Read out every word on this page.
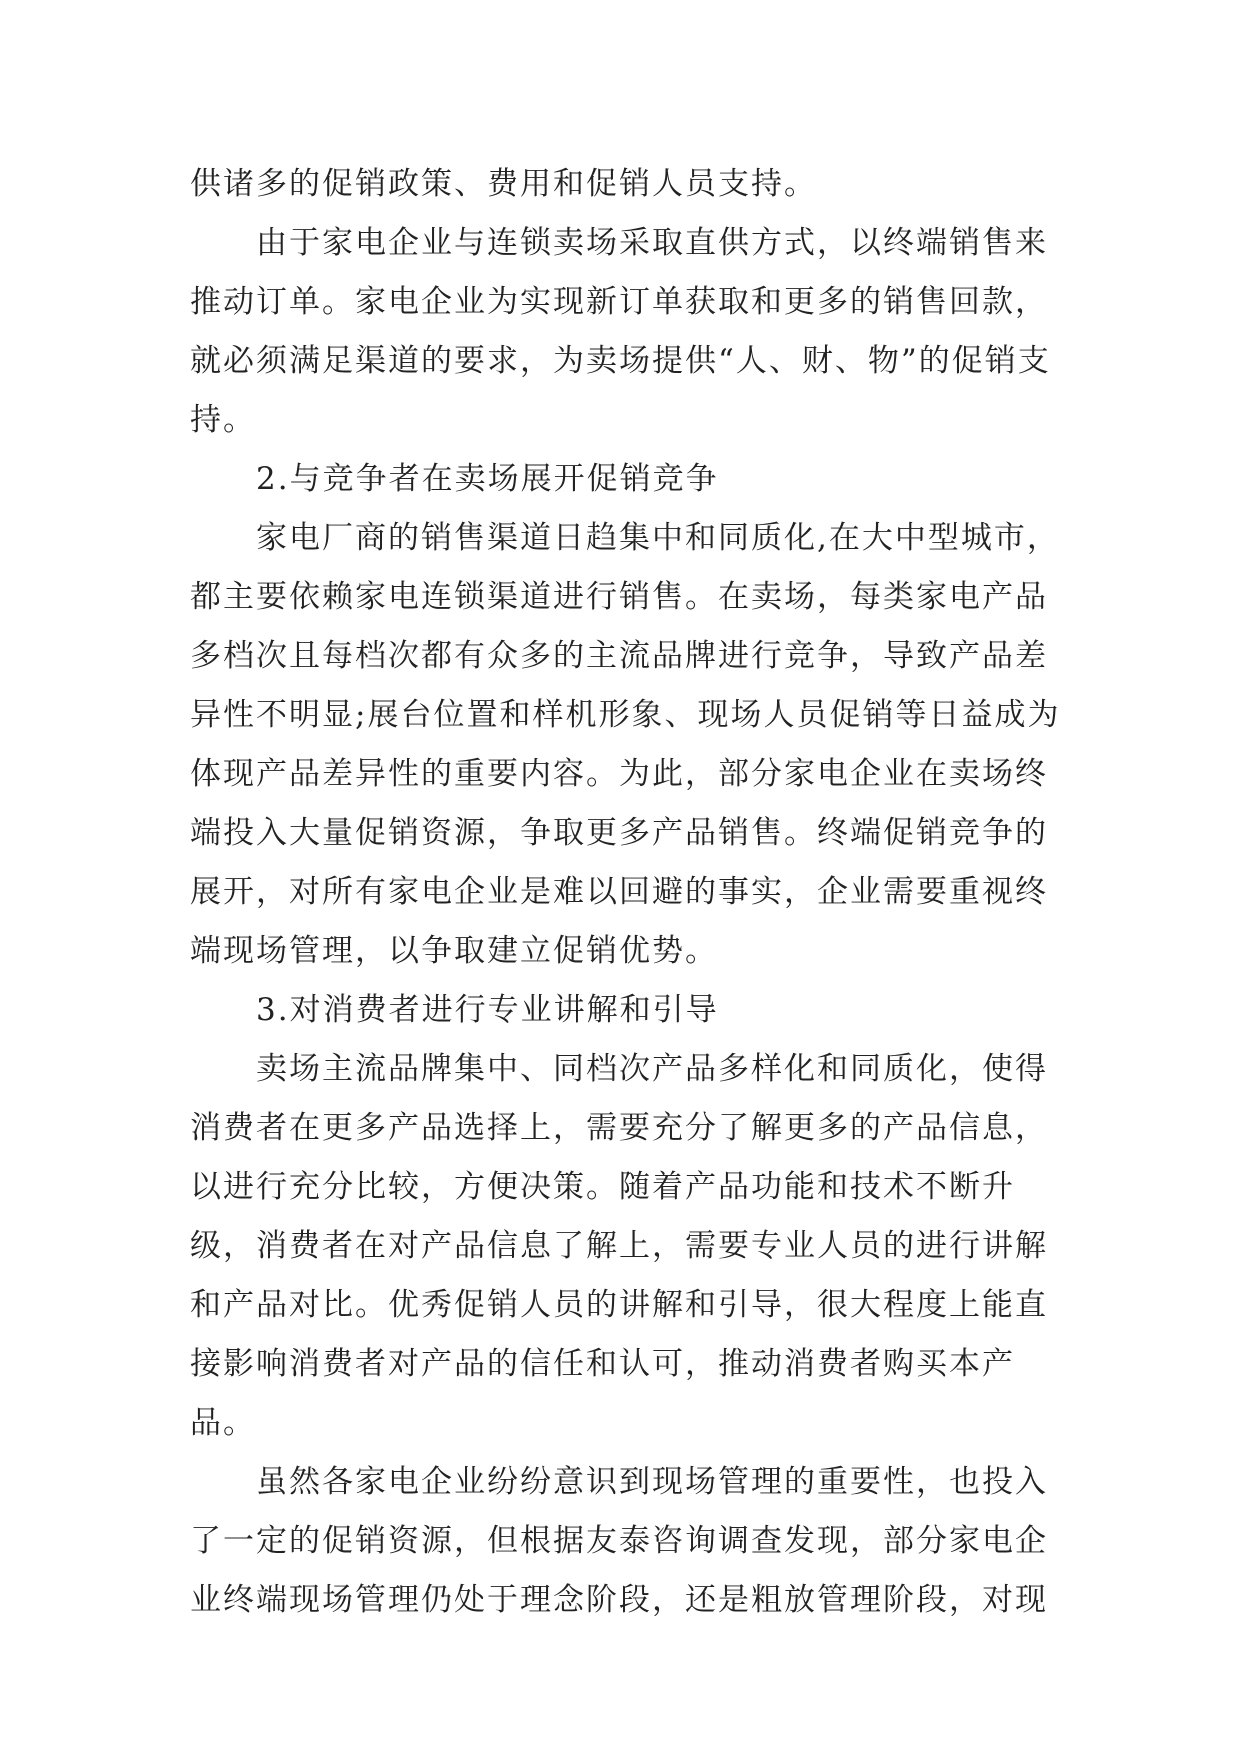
供诸多的促销政策、费用和促销人员支持。

由于家电企业与连锁卖场采取直供方式，以终端销售来推动订单。家电企业为实现新订单获取和更多的销售回款，就必须满足渠道的要求，为卖场提供“人、财、物”的促销支持。

2.与竞争者在卖场展开促销竞争

家电厂商的销售渠道日趋集中和同质化,在大中型城市，都主要依赖家电连锁渠道进行销售。在卖场，每类家电产品多档次且每档次都有众多的主流品牌进行竞争，导致产品差异性不明显;展台位置和样机形象、现场人员促销等日益成为体现产品差异性的重要内容。为此，部分家电企业在卖场终端投入大量促销资源，争取更多产品销售。终端促销竞争的展开，对所有家电企业是难以回避的事实，企业需要重视终端现场管理，以争取建立促销优势。

3.对消费者进行专业讲解和引导

卖场主流品牌集中、同档次产品多样化和同质化，使得消费者在更多产品选择上，需要充分了解更多的产品信息，以进行充分比较，方便决策。随着产品功能和技术不断升级，消费者在对产品信息了解上，需要专业人员的进行讲解和产品对比。优秀促销人员的讲解和引导，很大程度上能直接影响消费者对产品的信任和认可，推动消费者购买本产品。

虽然各家电企业纷纷意识到现场管理的重要性，也投入了一定的促销资源，但根据友泰咨询调查发现，部分家电企业终端现场管理仍处于理念阶段，还是粗放管理阶段，对现
